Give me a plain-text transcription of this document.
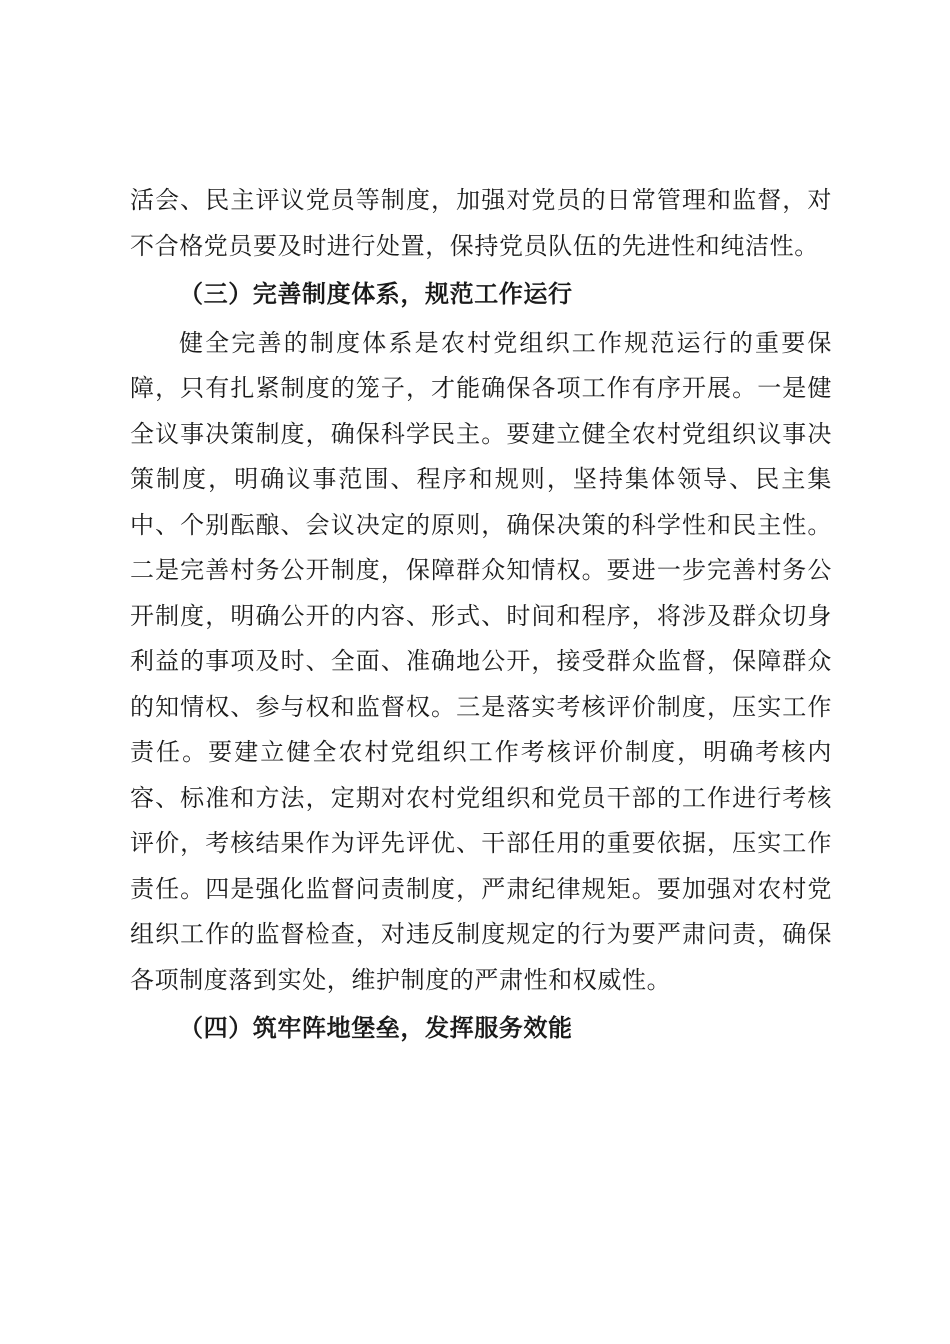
活会、民主评议党员等制度，加强对党员的日常管理和监督，对不合格党员要及时进行处置，保持党员队伍的先进性和纯洁性。

（三）完善制度体系，规范工作运行

健全完善的制度体系是农村党组织工作规范运行的重要保障，只有扎紧制度的笼子，才能确保各项工作有序开展。一是健全议事决策制度，确保科学民主。要建立健全农村党组织议事决策制度，明确议事范围、程序和规则，坚持集体领导、民主集中、个别酝酿、会议决定的原则，确保决策的科学性和民主性。二是完善村务公开制度，保障群众知情权。要进一步完善村务公开制度，明确公开的内容、形式、时间和程序，将涉及群众切身利益的事项及时、全面、准确地公开，接受群众监督，保障群众的知情权、参与权和监督权。三是落实考核评价制度，压实工作责任。要建立健全农村党组织工作考核评价制度，明确考核内容、标准和方法，定期对农村党组织和党员干部的工作进行考核评价，考核结果作为评先评优、干部任用的重要依据，压实工作责任。四是强化监督问责制度，严肃纪律规矩。要加强对农村党组织工作的监督检查，对违反制度规定的行为要严肃问责，确保各项制度落到实处，维护制度的严肃性和权威性。

（四）筑牢阵地堡垒，发挥服务效能
